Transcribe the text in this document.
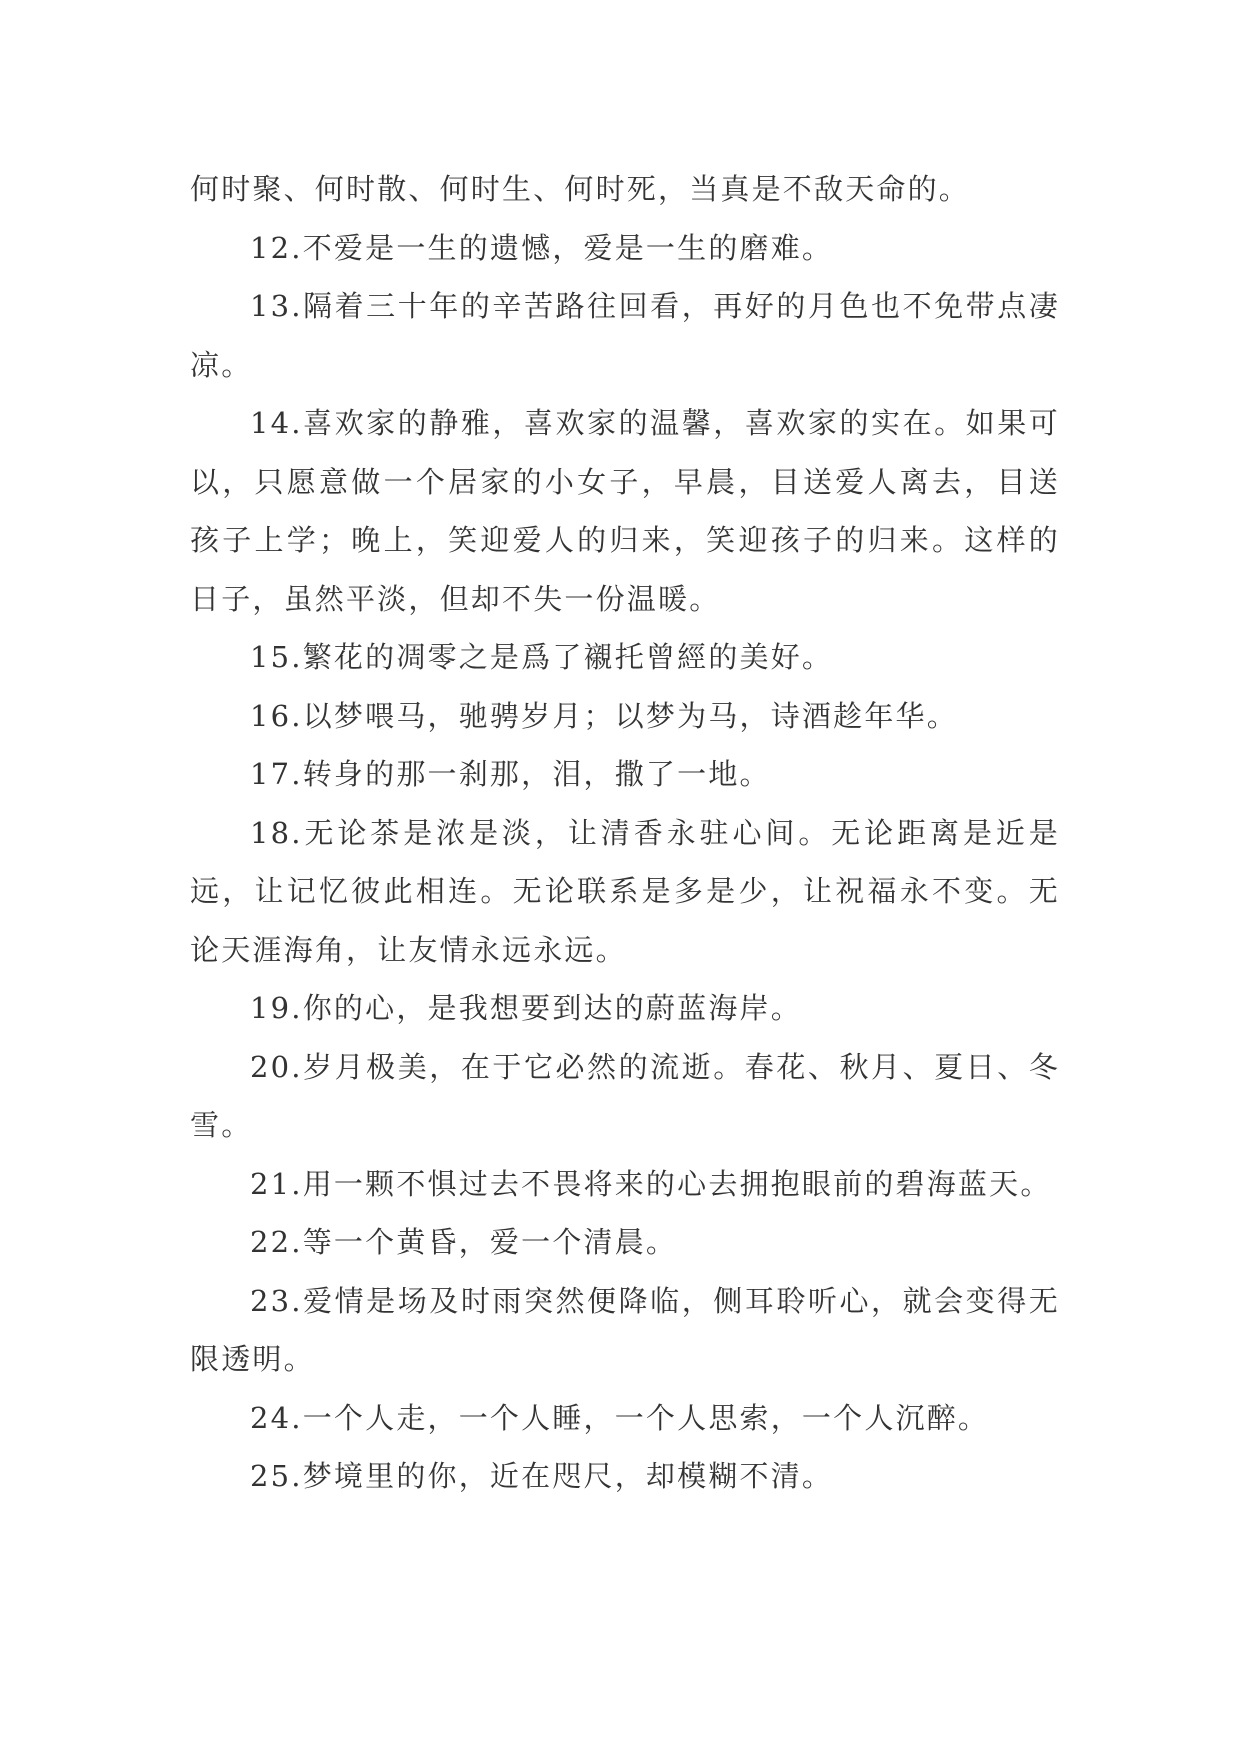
何时聚、何时散、何时生、何时死，当真是不敌天命的。

12.不爱是一生的遗憾，爱是一生的磨难。

13.隔着三十年的辛苦路往回看，再好的月色也不免带点凄凉。

14.喜欢家的静雅，喜欢家的温馨，喜欢家的实在。如果可以，只愿意做一个居家的小女子，早晨，目送爱人离去，目送孩子上学；晚上，笑迎爱人的归来，笑迎孩子的归来。这样的日子，虽然平淡，但却不失一份温暖。

15.繁花的凋零之是爲了襯托曾經的美好。

16.以梦喂马，驰骋岁月；以梦为马，诗酒趁年华。

17.转身的那一刹那，泪，撒了一地。

18.无论茶是浓是淡，让清香永驻心间。无论距离是近是远，让记忆彼此相连。无论联系是多是少，让祝福永不变。无论天涯海角，让友情永远永远。

19.你的心，是我想要到达的蔚蓝海岸。

20.岁月极美，在于它必然的流逝。春花、秋月、夏日、冬雪。

21.用一颗不惧过去不畏将来的心去拥抱眼前的碧海蓝天。

22.等一个黄昏，爱一个清晨。

23.爱情是场及时雨突然便降临，侧耳聆听心，就会变得无限透明。

24.一个人走，一个人睡，一个人思索，一个人沉醉。

25.梦境里的你，近在咫尺，却模糊不清。
